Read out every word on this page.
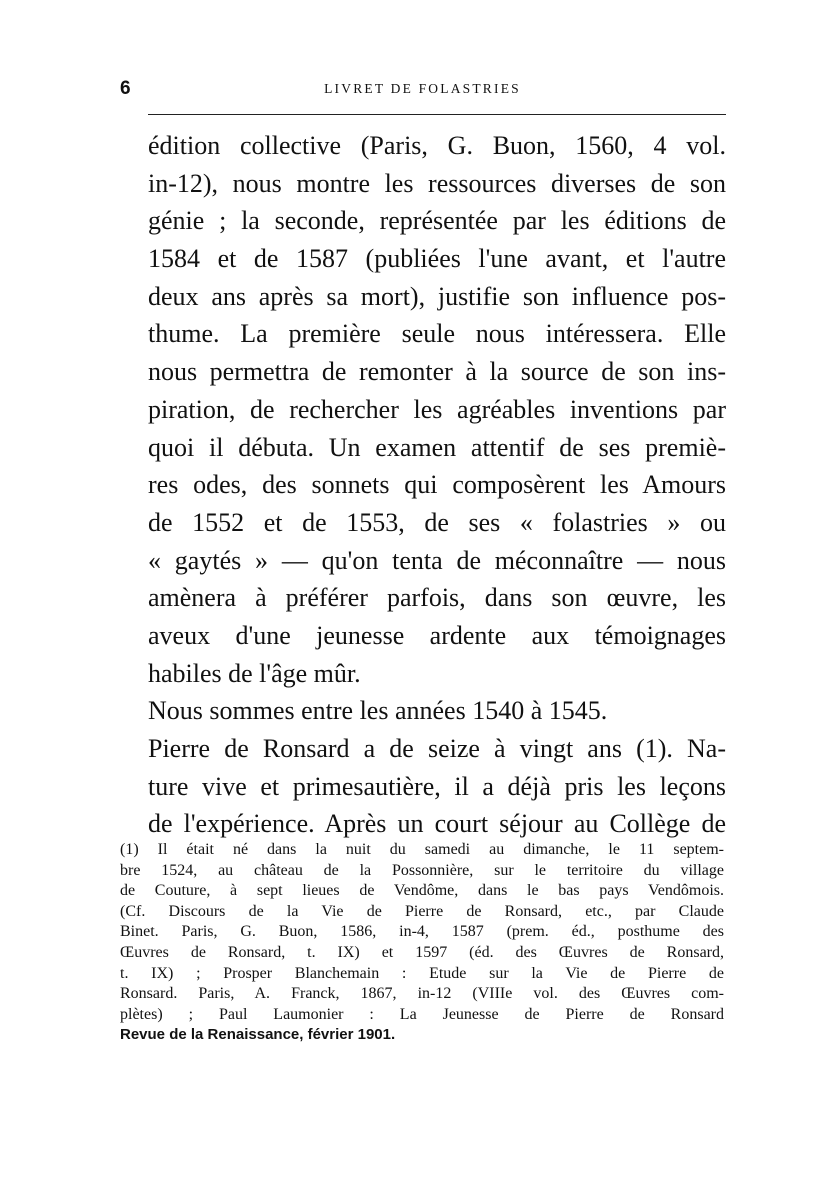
6	LIVRET DE FOLASTRIES
édition collective (Paris, G. Buon, 1560, 4 vol.
in-12), nous montre les ressources diverses de son
génie ; la seconde, représentée par les éditions de
1584 et de 1587 (publiées l'une avant, et l'autre
deux ans après sa mort), justifie son influence pos-
thume. La première seule nous intéressera. Elle
nous permettra de remonter à la source de son ins-
piration, de rechercher les agréables inventions par
quoi il débuta. Un examen attentif de ses premiè-
res odes, des sonnets qui composèrent les Amours
de 1552 et de 1553, de ses « folastries » ou
« gaytés » — qu'on tenta de méconnaître — nous
amènera à préférer parfois, dans son œuvre, les
aveux d'une jeunesse ardente aux témoignages
habiles de l'âge mûr.
Nous sommes entre les années 1540 à 1545.
Pierre de Ronsard a de seize à vingt ans (1). Na-
ture vive et primesautière, il a déjà pris les leçons
de l'expérience. Après un court séjour au Collège de
(1) Il était né dans la nuit du samedi au dimanche, le 11 septem-
bre 1524, au château de la Possonnière, sur le territoire du village
de Couture, à sept lieues de Vendôme, dans le bas pays Vendômois.
(Cf. Discours de la Vie de Pierre de Ronsard, etc., par Claude
Binet. Paris, G. Buon, 1586, in-4, 1587 (prem. éd., posthume des
Œuvres de Ronsard, t. IX) et 1597 (éd. des Œuvres de Ronsard,
t. IX) ; Prosper Blanchemain : Etude sur la Vie de Pierre de
Ronsard. Paris, A. Franck, 1867, in-12 (VIIIe vol. des Œuvres com-
plètes) ; Paul Laumonier : La Jeunesse de Pierre de Ronsard
Revue de la Renaissance, février 1901.
